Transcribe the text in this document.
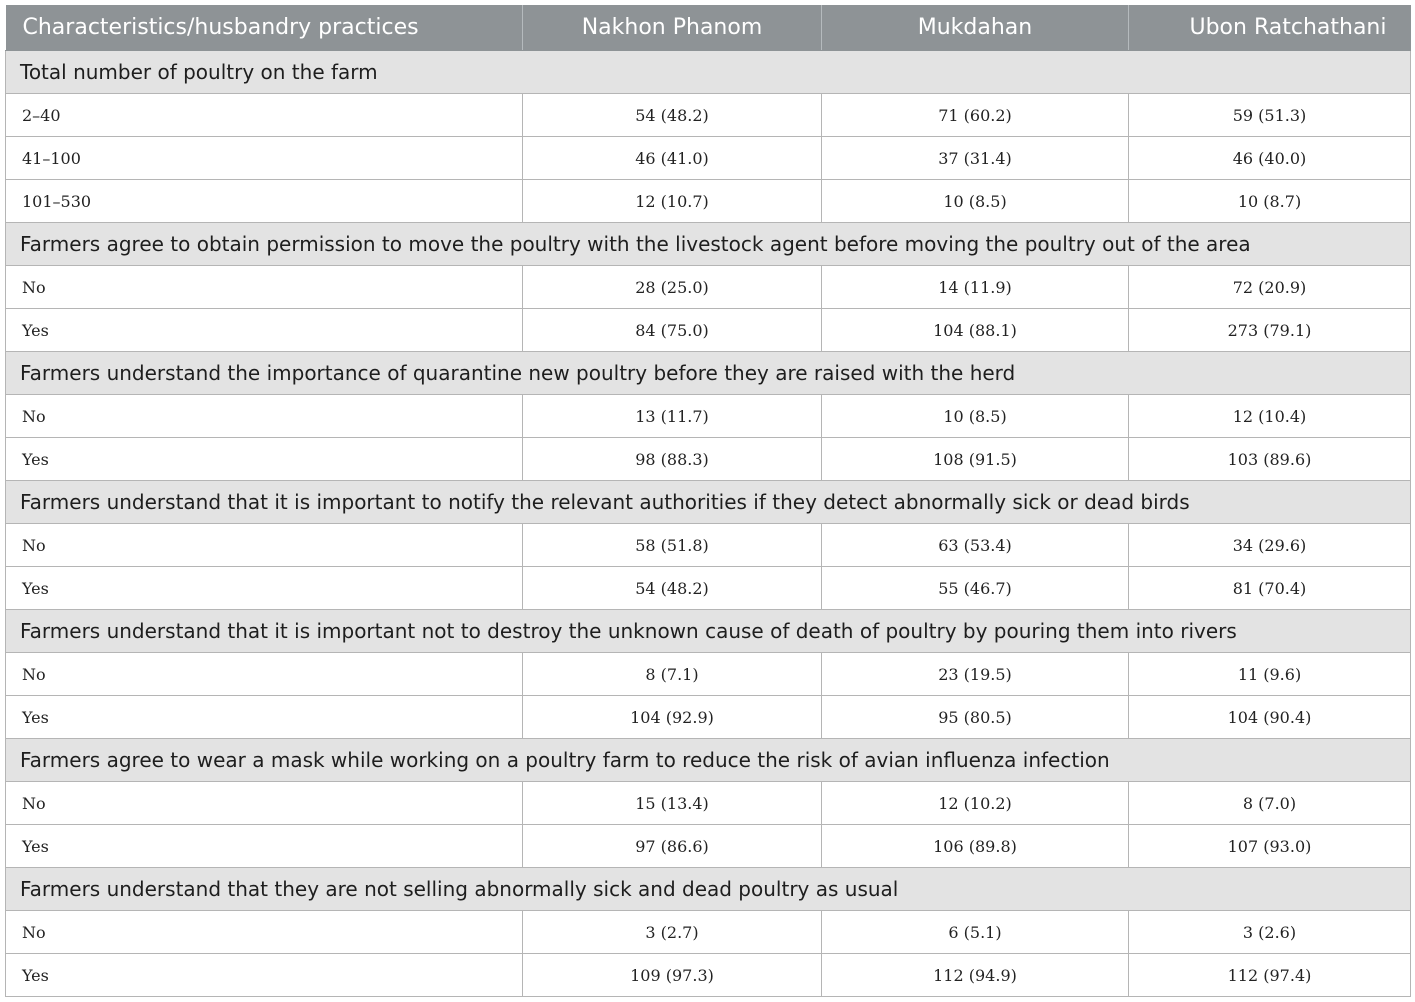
Characteristics/husbandry practices	Nakhon Phanom	Mukdahan	Ubon Ratchathani
Total number of poultry on the farm			
2–40	54 (48.2)	71 (60.2)	59 (51.3)
41–100	46 (41.0)	37 (31.4)	46 (40.0)
101–530	12 (10.7)	10 (8.5)	10 (8.7)
Farmers agree to obtain permission to move the poultry with the livestock agent before moving the poultry out of the area			
No	28 (25.0)	14 (11.9)	72 (20.9)
Yes	84 (75.0)	104 (88.1)	273 (79.1)
Farmers understand the importance of quarantine new poultry before they are raised with the herd			
No	13 (11.7)	10 (8.5)	12 (10.4)
Yes	98 (88.3)	108 (91.5)	103 (89.6)
Farmers understand that it is important to notify the relevant authorities if they detect abnormally sick or dead birds			
No	58 (51.8)	63 (53.4)	34 (29.6)
Yes	54 (48.2)	55 (46.7)	81 (70.4)
Farmers understand that it is important not to destroy the unknown cause of death of poultry by pouring them into rivers			
No	8 (7.1)	23 (19.5)	11 (9.6)
Yes	104 (92.9)	95 (80.5)	104 (90.4)
Farmers agree to wear a mask while working on a poultry farm to reduce the risk of avian influenza infection			
No	15 (13.4)	12 (10.2)	8 (7.0)
Yes	97 (86.6)	106 (89.8)	107 (93.0)
Farmers understand that they are not selling abnormally sick and dead poultry as usual			
No	3 (2.7)	6 (5.1)	3 (2.6)
Yes	109 (97.3)	112 (94.9)	112 (97.4)
